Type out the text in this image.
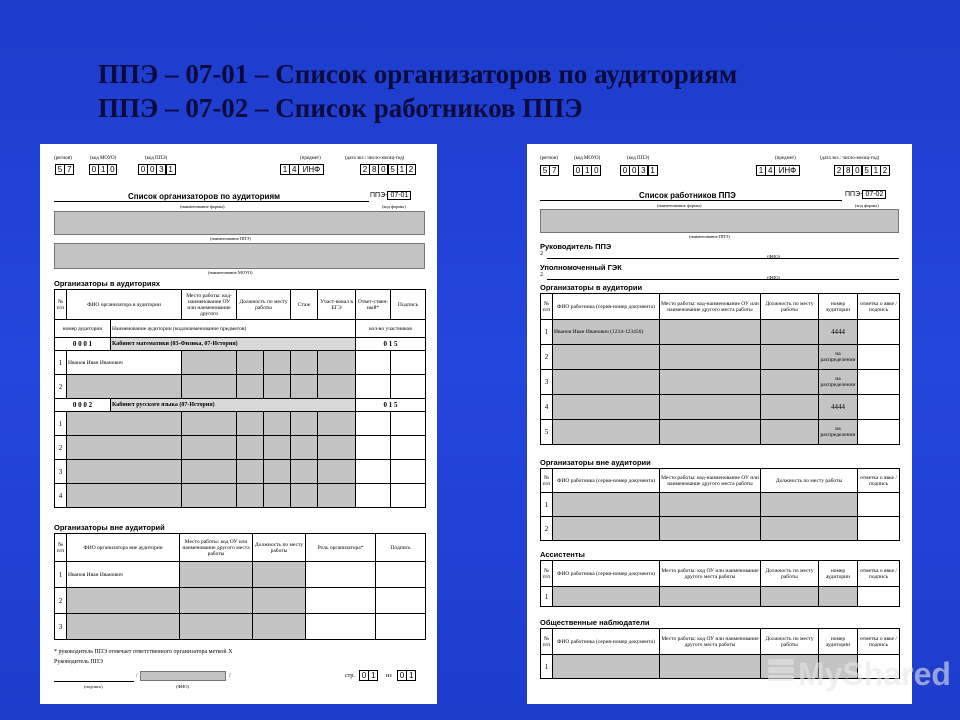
ППЭ – 07-01 – Список организаторов по аудиториям
ППЭ – 07-02 – Список работников ППЭ
(регион)	(код МОУО)	(код ППЭ)	(предмет)	(дата экз.: число-месяц-год)
5 7	0 1 0	0 0 3 1	1 4 ИНФ	2 8 0 5 1 2
Список организаторов по аудиториям	ППЭ- 07-01
(наименование формы)	(код формы)
(наименование ППЭ)
(наименование МОУО)
Организаторы в аудиториях
№ п/п	ФИО организатора в аудитории		Место работы: код-наименование ОУ или наименование другого	Должность по месту работы		Стаж	Участ-вовал в ЕГЭ	Ответ-ствен-ный*	Подпись
номер аудитории		Наименование аудитории (кодонаименование предметов)						кол-во участников	
0 0 0 1		Кабинет математики (03-Физика, 07-История)						0 1 5	
1	Иванов Иван Иванович								
2									
0 0 0 2		Кабинет русского языка (07-История)						0 1 5	
1									
2									
3									
4									
Организаторы вне аудиторий
№ п/п	ФИО организатора вне аудитории	Место работы: код ОУ или наименование другого места работы	Должность по месту работы	Роль организатора*	Подпись
1	Иванов Иван Иванович				
2					
3					
* руководитель ППЭ отмечает ответственного организатора меткой X
Руководитель ППЭ
/	/
(подпись)	(ФИО)
стр. 0 1	из	0 1
(регион)	(код МОУО)	(код ППЭ)	(предмет)	(дата экз.: число-месяц-год)
5 7	0 1 0	0 0 3 1	1 4 ИНФ	2 8 0 5 1 2
Список работников ППЭ	ППЭ- 07-02
(наименование формы)	(код формы)
(наименование ППЭ)
Руководитель ППЭ
2	(ФИО)
Уполномоченный ГЭК
2	(ФИО)
Организаторы в аудитории
№ п/п	ФИО работника (серия-номер документа)	Место работы: код-наименование ОУ или наименование другого места работы	Должность по месту работы	номер аудитории	отметка о явке / подпись
1	Иванов Иван Иванович (1234-123456)			4444	
2				на распределении	
3				на распределении	
4				4444	
5				на распределении	
Организаторы вне аудитории
№ п/п	ФИО работника (серия-номер документа)	Место работы: код-наименование ОУ или наименование другого места работы	Должность по месту работы	отметка о явке / подпись
1				
2				
Ассистенты
№ п/п	ФИО работника (серия-номер документа)	Место работы: код ОУ или наименование другого места работы	Должность по месту работы	номер аудитории	отметка о явке / подпись
1					
Общественные наблюдатели
№ п/п	ФИО работника (серия-номер документа)	Место работы: код ОУ или наименование другого места работы	Должность по месту работы	номер аудитории	отметка о явке / подпись
1						MyShared
